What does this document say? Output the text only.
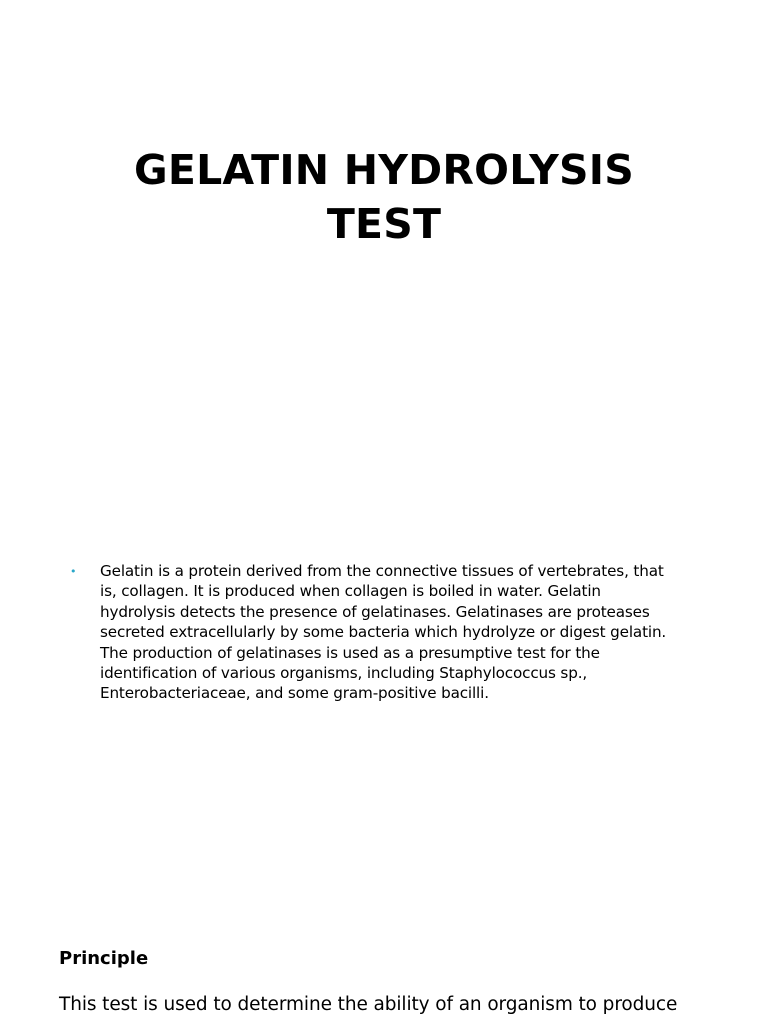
GELATIN HYDROLYSIS
TEST
• Gelatin is a protein derived from the connective tissues of vertebrates, that
is, collagen. It is produced when collagen is boiled in water. Gelatin
hydrolysis detects the presence of gelatinases. Gelatinases are proteases
secreted extracellularly by some bacteria which hydrolyze or digest gelatin.
The production of gelatinases is used as a presumptive test for the
identification of various organisms, including Staphylococcus sp.,
Enterobacteriaceae, and some gram-positive bacilli.

Principle

This test is used to determine the ability of an organism to produce
